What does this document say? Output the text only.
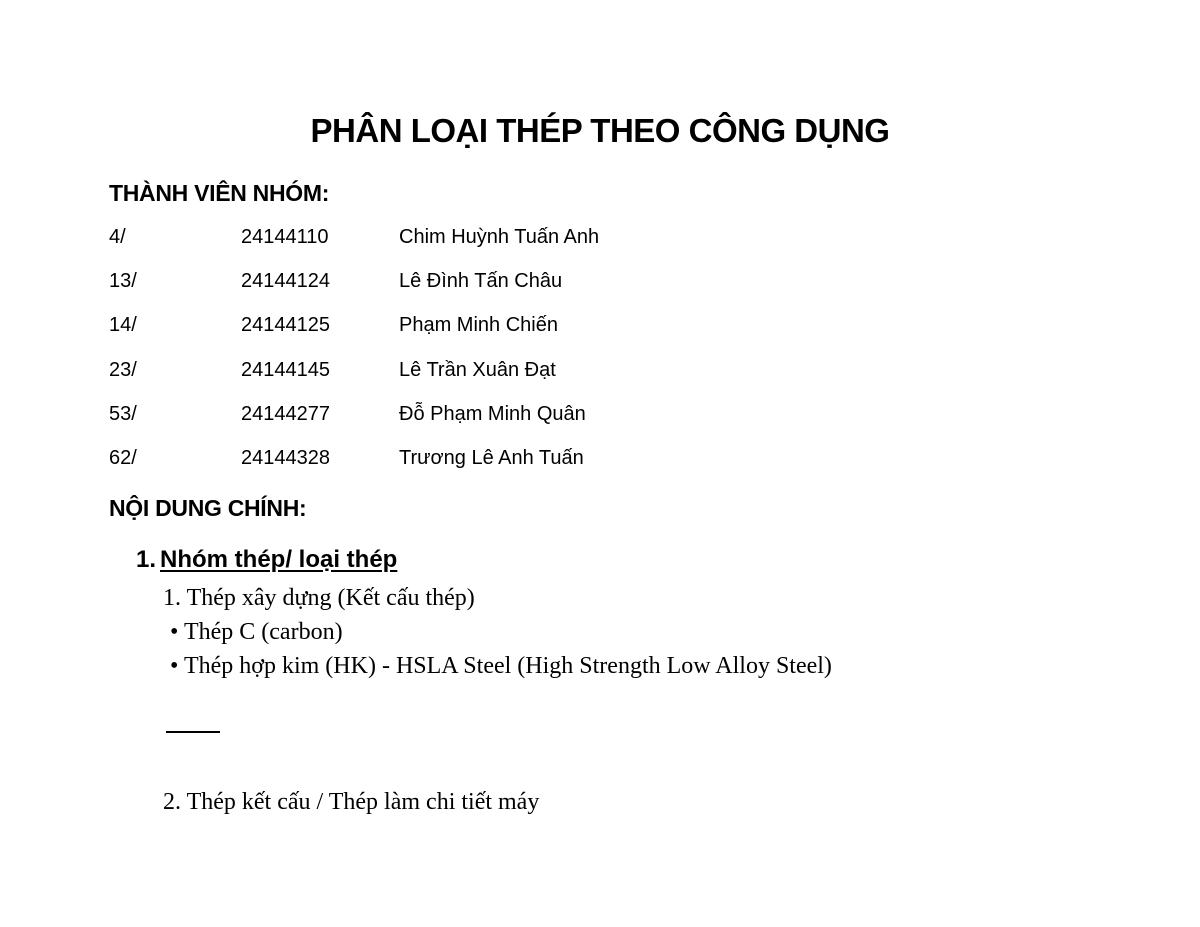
PHÂN LOẠI THÉP THEO CÔNG DỤNG
THÀNH VIÊN NHÓM:
4/	24144110	Chim Huỳnh Tuấn Anh
13/	24144124	Lê Đình Tấn Châu
14/	24144125	Phạm Minh Chiến
23/	24144145	Lê Trần Xuân Đạt
53/	24144277	Đỗ Phạm Minh Quân
62/	24144328	Trương Lê Anh Tuấn
NỘI DUNG CHÍNH:
1. Nhóm thép/ loại thép
1. Thép xây dựng (Kết cấu thép)
• Thép C (carbon)
• Thép hợp kim (HK) - HSLA Steel (High Strength Low Alloy Steel)
2. Thép kết cấu / Thép làm chi tiết máy
